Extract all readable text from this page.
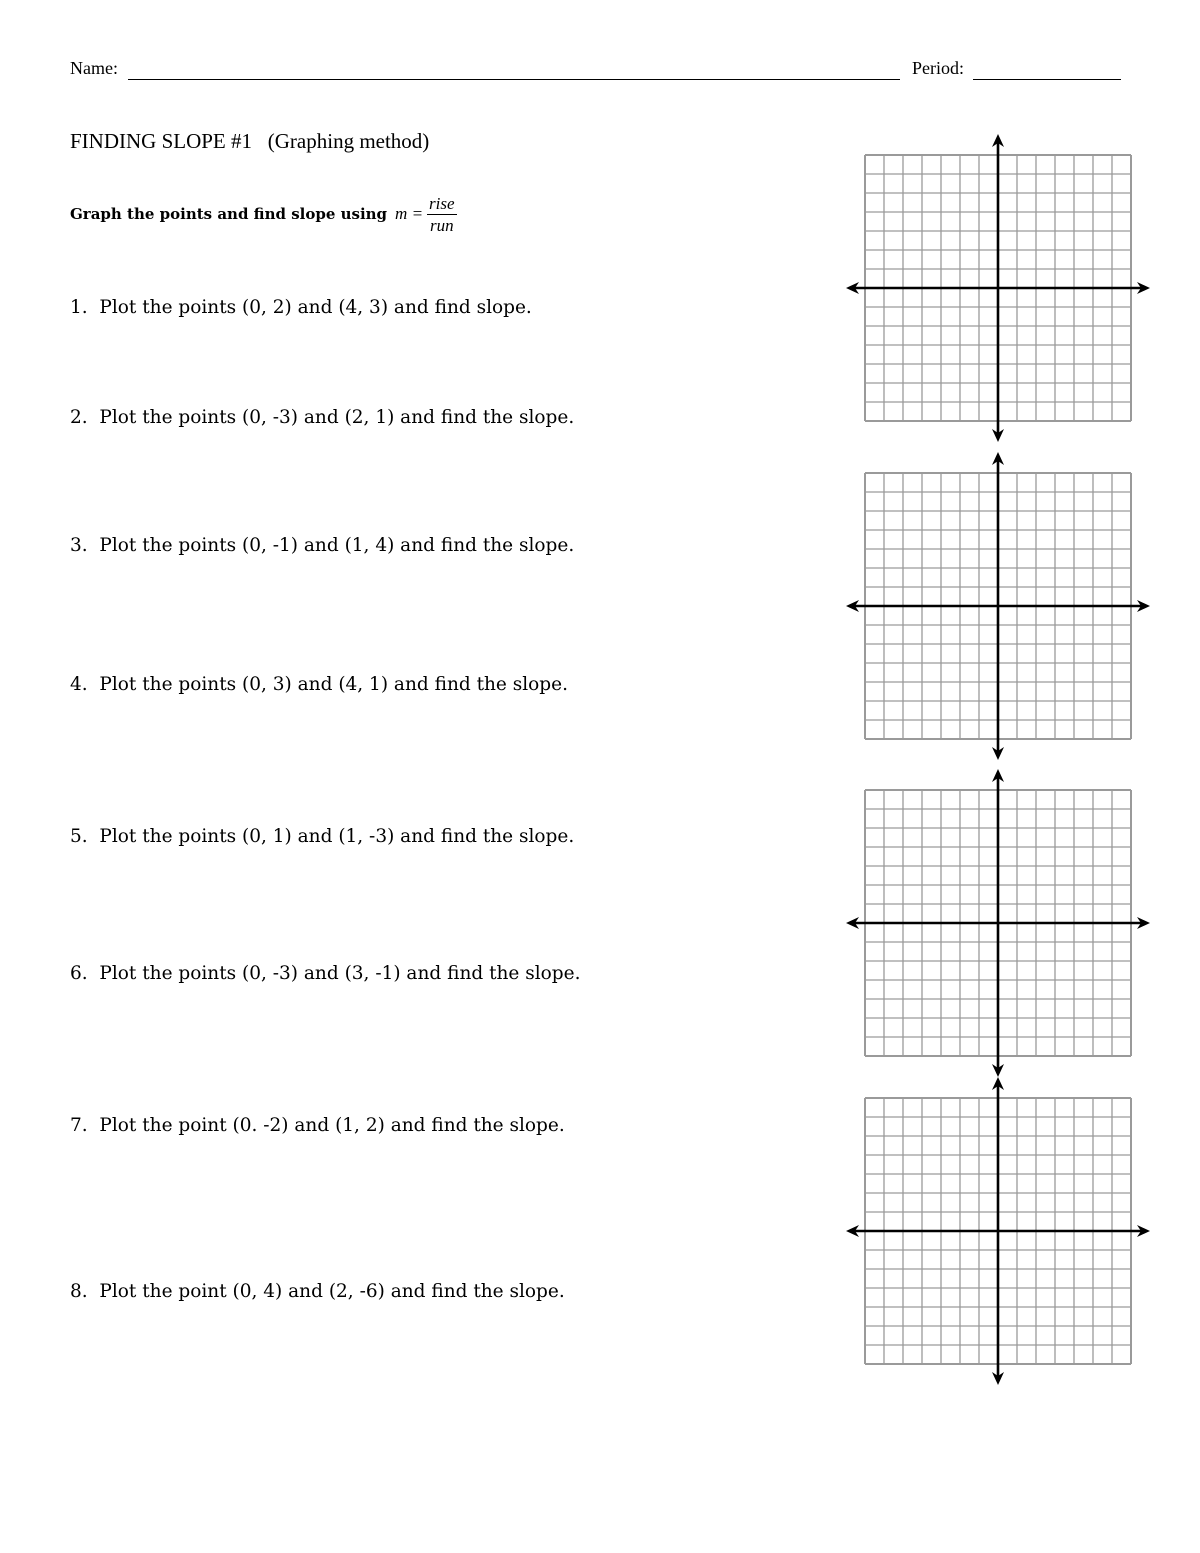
Name:	Period:
FINDING SLOPE #1   (Graphing method)
Graph the points and find slope using $m = \frac{\text{rise}}{\text{run}}$
1.  Plot the points (0, 2) and (4, 3) and find slope.
2.  Plot the points (0, -3) and (2, 1) and find the slope.
3.  Plot the points (0, -1) and (1, 4) and find the slope.
4.  Plot the points (0, 3) and (4, 1) and find the slope.
5.  Plot the points (0, 1) and (1, -3) and find the slope.
6.  Plot the points (0, -3) and (3, -1) and find the slope.
7.  Plot the point (0. -2) and (1, 2) and find the slope.
8.  Plot the point (0, 4) and (2, -6) and find the slope.
